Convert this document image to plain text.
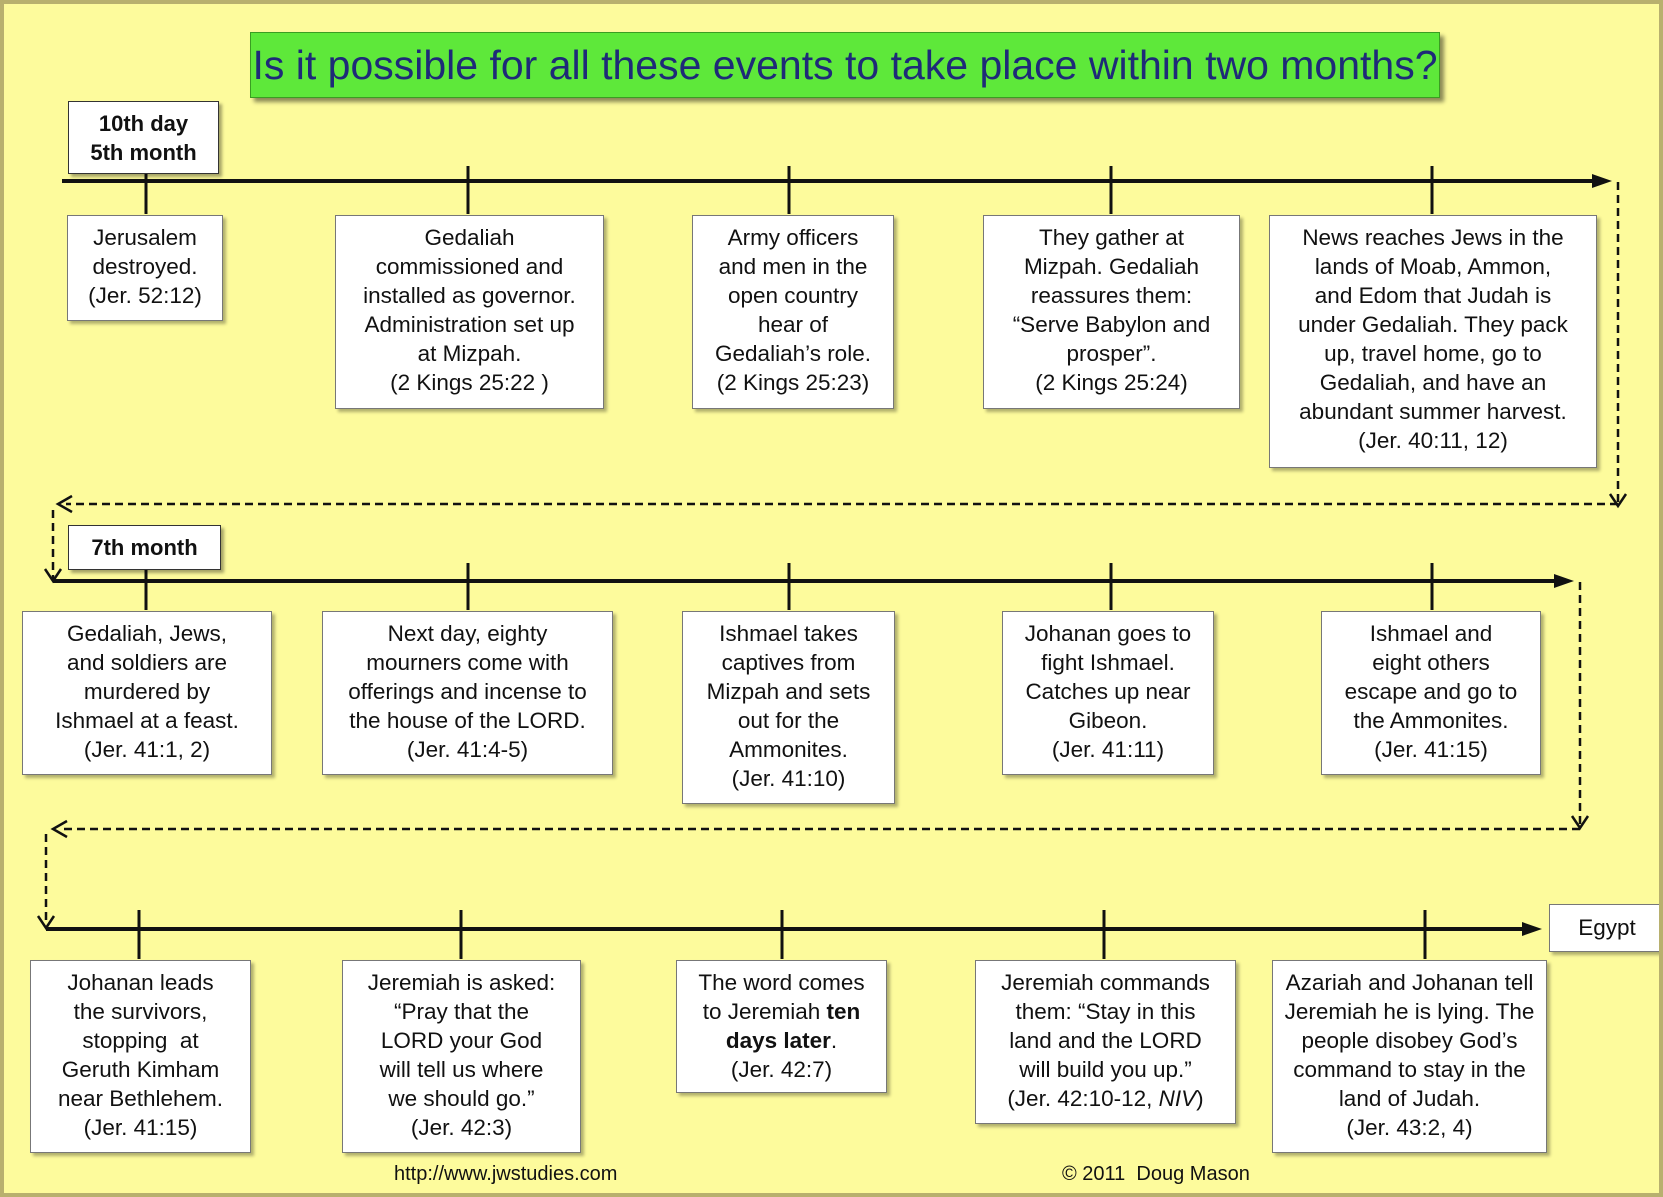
Is it possible for all these events to take place within two months?
10th day
5th month
Jerusalem
destroyed.
(Jer. 52:12)
Gedaliah
commissioned and
installed as governor.
Administration set up
at Mizpah.
(2 Kings 25:22 )
Army officers
and men in the
open country
hear of
Gedaliah’s role.
(2 Kings 25:23)
They gather at
Mizpah. Gedaliah
reassures them:
“Serve Babylon and
prosper”.
(2 Kings 25:24)
News reaches Jews in the
lands of Moab, Ammon,
and Edom that Judah is
under Gedaliah. They pack
up, travel home, go to
Gedaliah, and have an
abundant summer harvest.
(Jer. 40:11, 12)
7th month
Gedaliah, Jews,
and soldiers are
murdered by
Ishmael at a feast.
(Jer. 41:1, 2)
Next day, eighty
mourners come with
offerings and incense to
the house of the LORD.
(Jer. 41:4-5)
Ishmael takes
captives from
Mizpah and sets
out for the
Ammonites.
(Jer. 41:10)
Johanan goes to
fight Ishmael.
Catches up near
Gibeon.
(Jer. 41:11)
Ishmael and
eight others
escape and go to
the Ammonites.
(Jer. 41:15)
Johanan leads
the survivors,
stopping  at
Geruth Kimham
near Bethlehem.
(Jer. 41:15)
Jeremiah is asked:
“Pray that the
LORD your God
will tell us where
we should go.”
(Jer. 42:3)
The word comes
to Jeremiah ten
days later.
(Jer. 42:7)
Jeremiah commands
them: “Stay in this
land and the LORD
will build you up.”
(Jer. 42:10-12, NIV)
Azariah and Johanan tell
Jeremiah he is lying. The
people disobey God’s
command to stay in the
land of Judah.
(Jer. 43:2, 4)
Egypt
http://www.jwstudies.com	© 2011  Doug Mason
